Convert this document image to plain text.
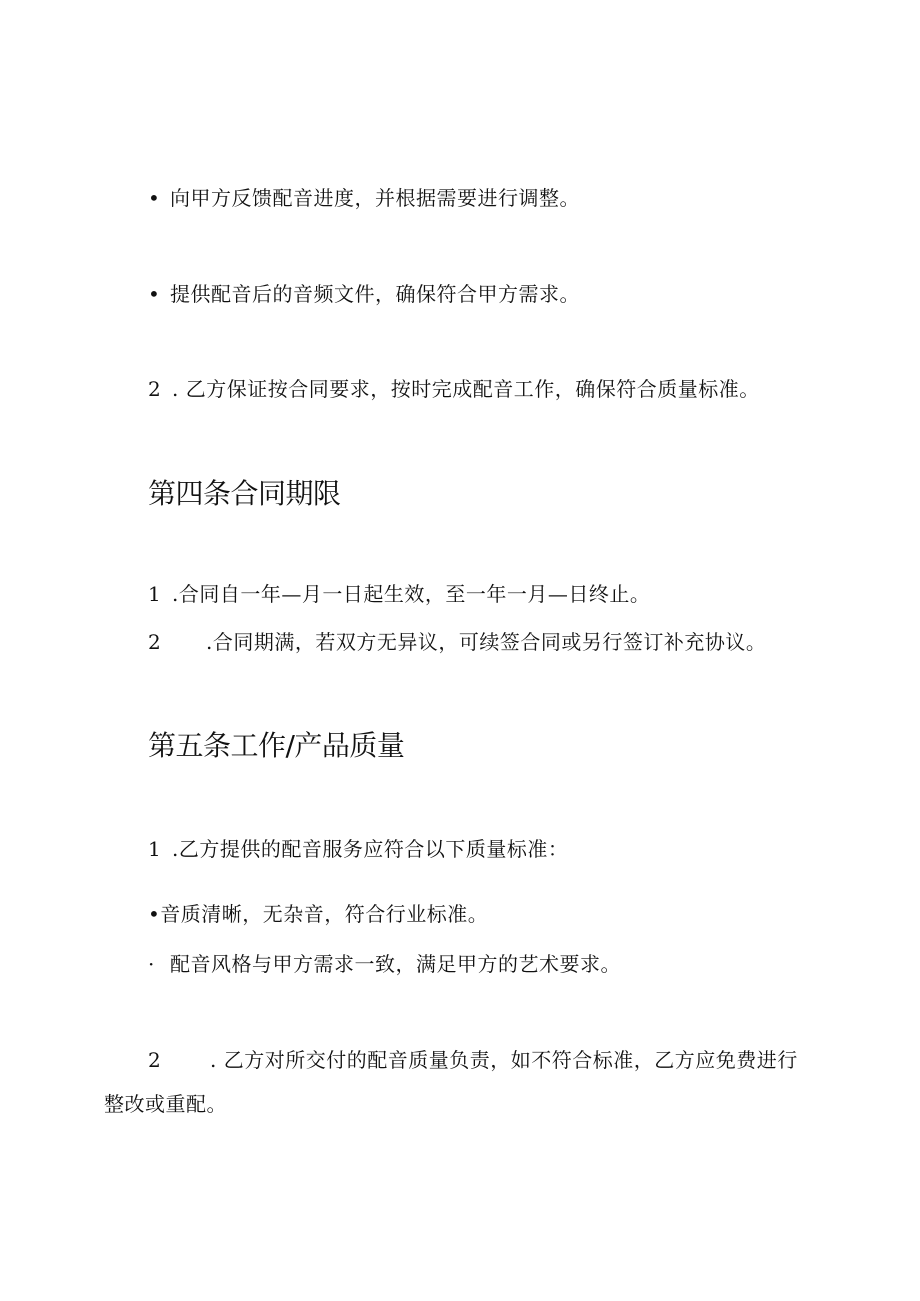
• 向甲方反馈配音进度，并根据需要进行调整。
• 提供配音后的音频文件，确保符合甲方需求。
2 . 乙方保证按合同要求，按时完成配音工作，确保符合质量标准。
第四条合同期限
1 .合同自一年—月一日起生效，至一年一月—日终止。
2 .合同期满，若双方无异议，可续签合同或另行签订补充协议。
第五条工作/产品质量
1 .乙方提供的配音服务应符合以下质量标准：
•音质清晰，无杂音，符合行业标准。
· 配音风格与甲方需求一致，满足甲方的艺术要求。
2 . 乙方对所交付的配音质量负责，如不符合标准，乙方应免费进行整改或重配。
